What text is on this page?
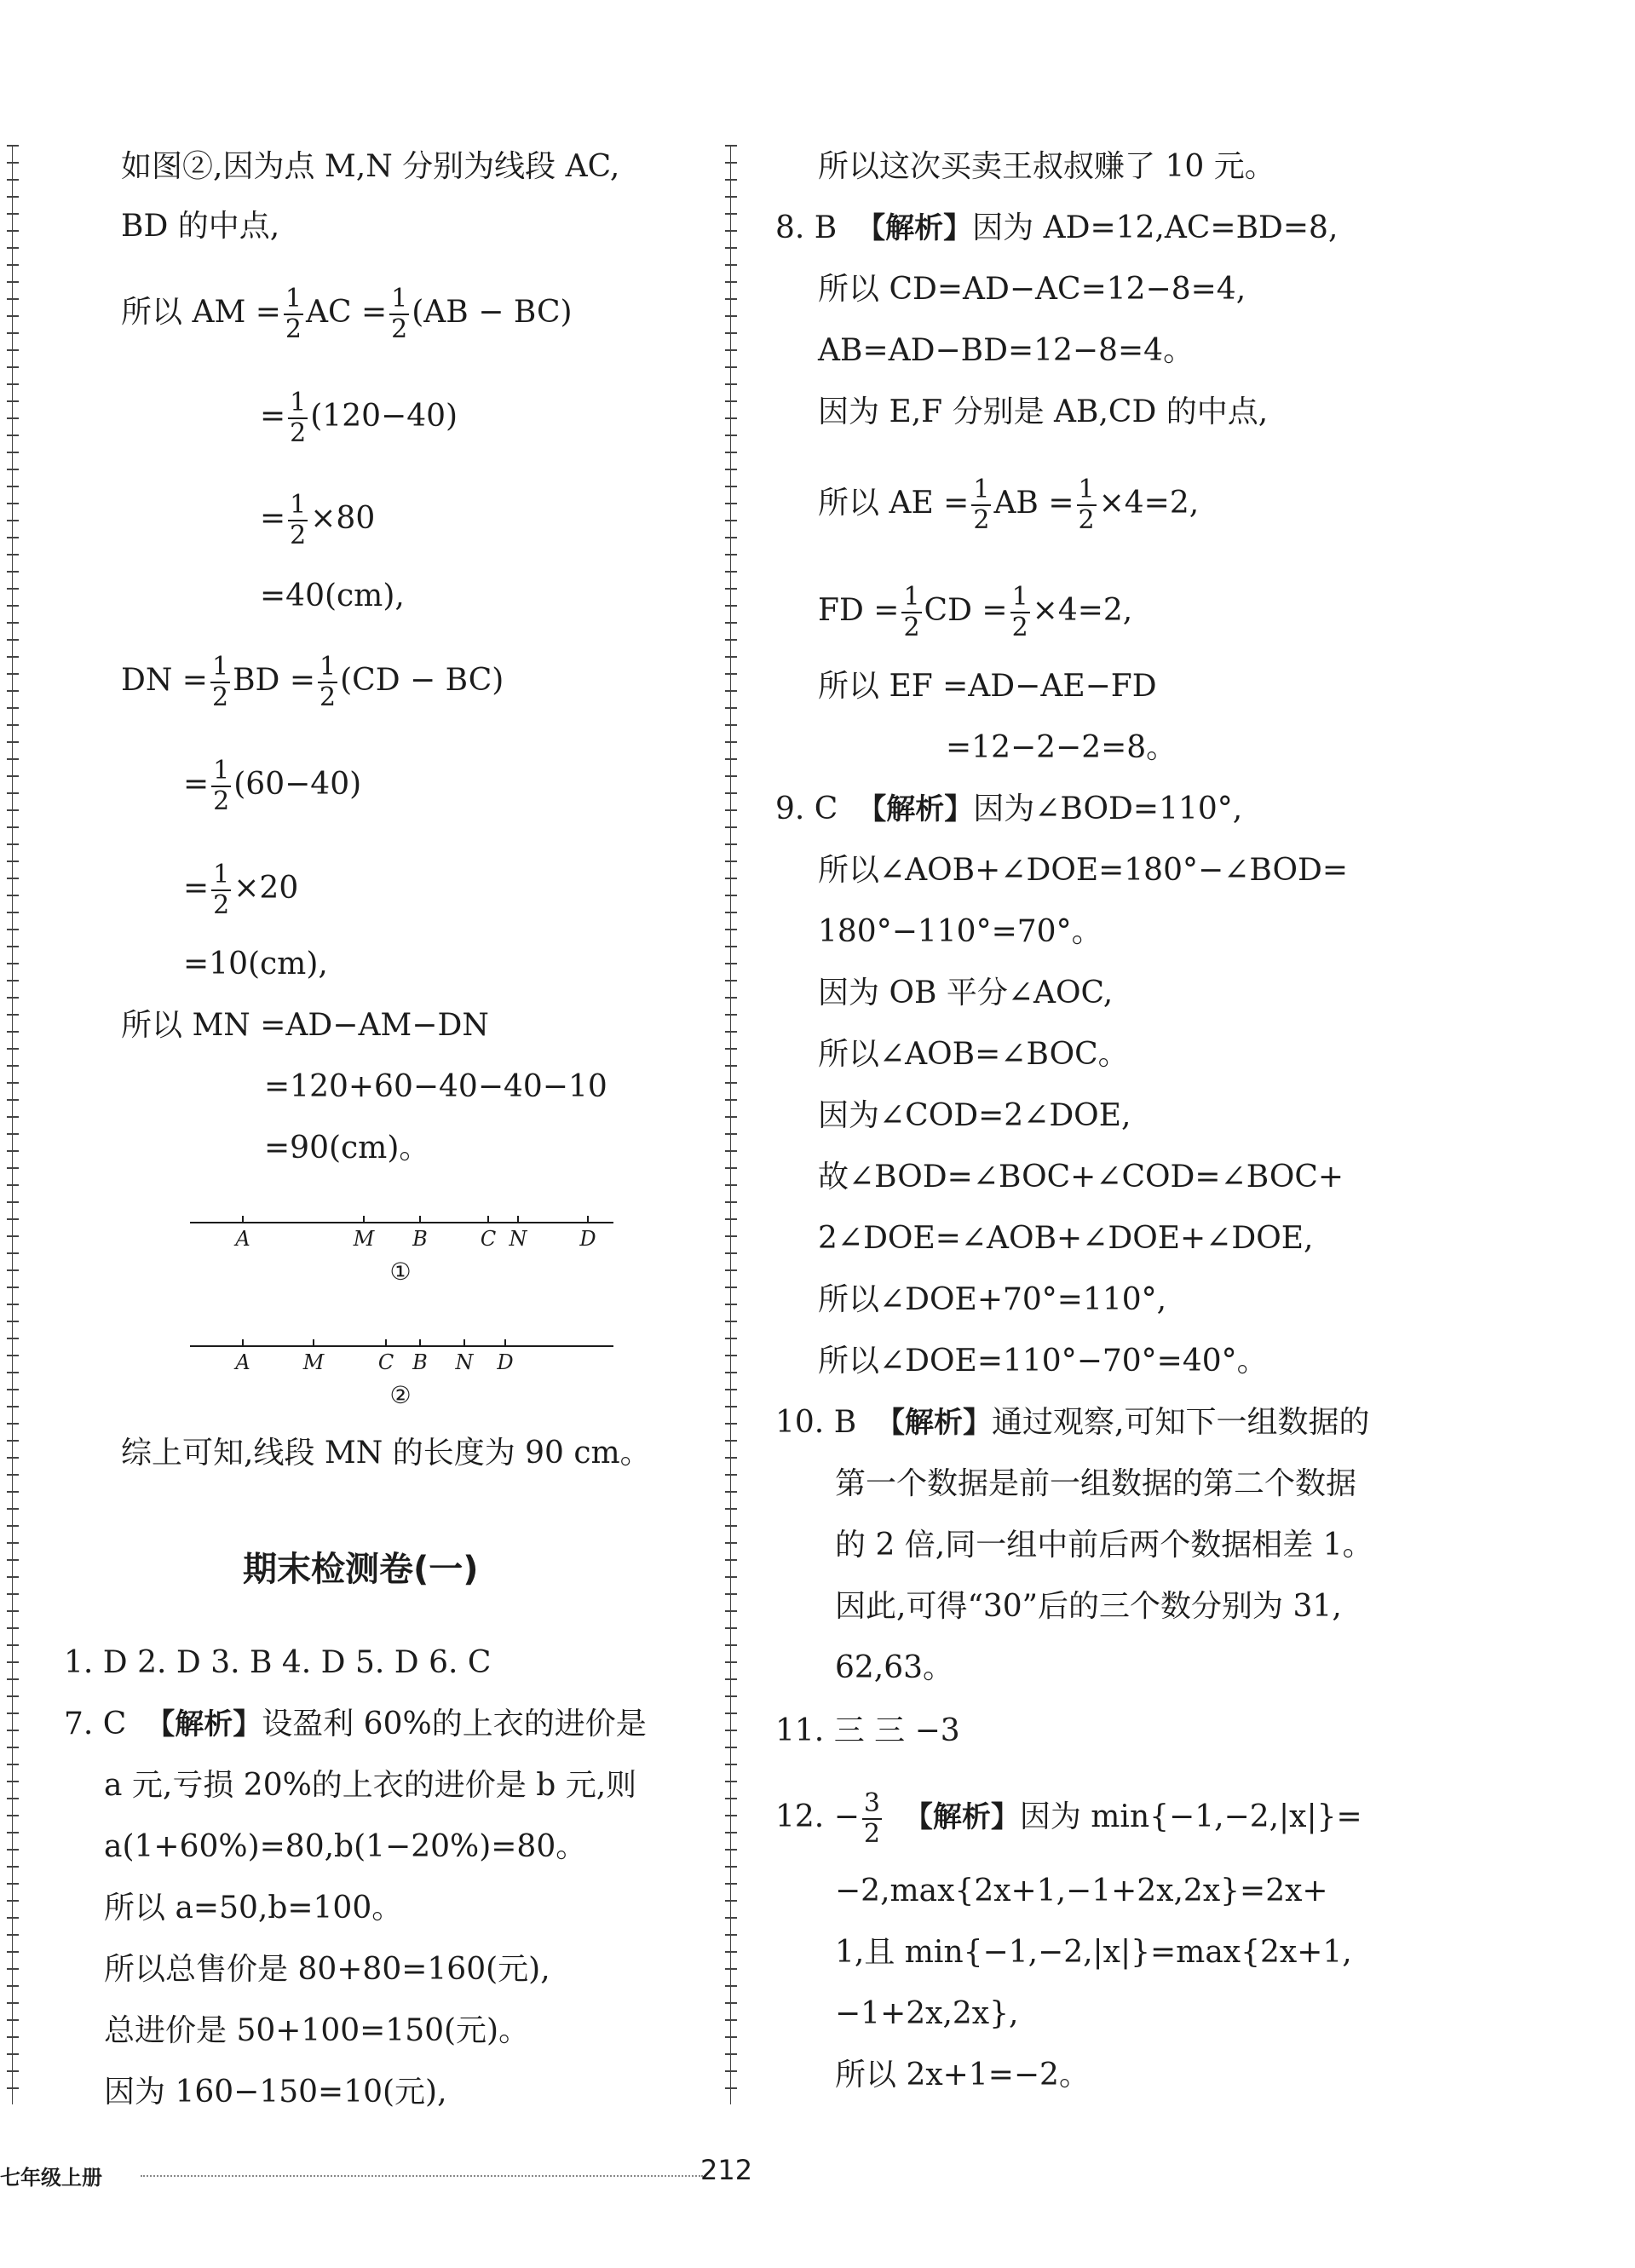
如图②,因为点 M,N 分别为线段 AC,
BD 的中点,
所以 AM = $\frac{1}{2}$ AC = $\frac{1}{2} (AB - BC)$
= $\frac{1}{2} (120-40)$
= $\frac{1}{2} \times 80$
=40(cm),
DN = $\frac{1}{2}$ BD = $\frac{1}{2} (CD - BC)$
= $\frac{1}{2} (60-40)$
= $\frac{1}{2} \times 20$
=10(cm),
所以 MN =AD−AM−DN
=120+60−40−40−10
=90(cm)。
A	M B	C N	D
①
A	M	C B N D
②
综上可知,线段 MN 的长度为 90 cm。
期末检测卷(一)
1. D 2. D 3. B 4. D 5. D 6. C
7. C 【解析】设盈利 60%的上衣的进价是
a 元,亏损 20%的上衣的进价是 b 元,则
a(1+60%)=80,b(1−20%)=80。
所以 a=50,b=100。
所以总售价是 80+80=160(元),
总进价是 50+100=150(元)。
因为 160−150=10(元),
所以这次买卖王叔叔赚了 10 元。
8. B 【解析】因为 AD=12,AC=BD=8,
所以 CD=AD−AC=12−8=4,
AB=AD−BD=12−8=4。
因为 E,F 分别是 AB,CD 的中点,
所以 AE = $\frac{1}{2}$ AB = $\frac{1}{2} \times 4=2$,
FD = $\frac{1}{2}$ CD = $\frac{1}{2} \times 4=2$,
所以 EF =AD−AE−FD
=12−2−2=8。
9. C 【解析】因为∠BOD=110°,
所以∠AOB+∠DOE=180°−∠BOD=
180°−110°=70°。
因为 OB 平分∠AOC,
所以∠AOB=∠BOC。
因为∠COD=2∠DOE,
故∠BOD=∠BOC+∠COD=∠BOC+
2∠DOE=∠AOB+∠DOE+∠DOE,
所以∠DOE+70°=110°,
所以∠DOE=110°−70°=40°。
10. B 【解析】通过观察,可知下一组数据的
第一个数据是前一组数据的第二个数据
的 2 倍,同一组中前后两个数据相差 1。
因此,可得“30”后的三个数分别为 31,
62,63。
11. 三 三 −3
12. − $\frac{3}{2}$ 【解析】因为 min{−1,−2,|x|}=
−2,max{2x+1,−1+2x,2x}=2x+
1,且 min{−1,−2,|x|}=max{2x+1,
−1+2x,2x},
所以 2x+1=−2。
七年级上册	212
